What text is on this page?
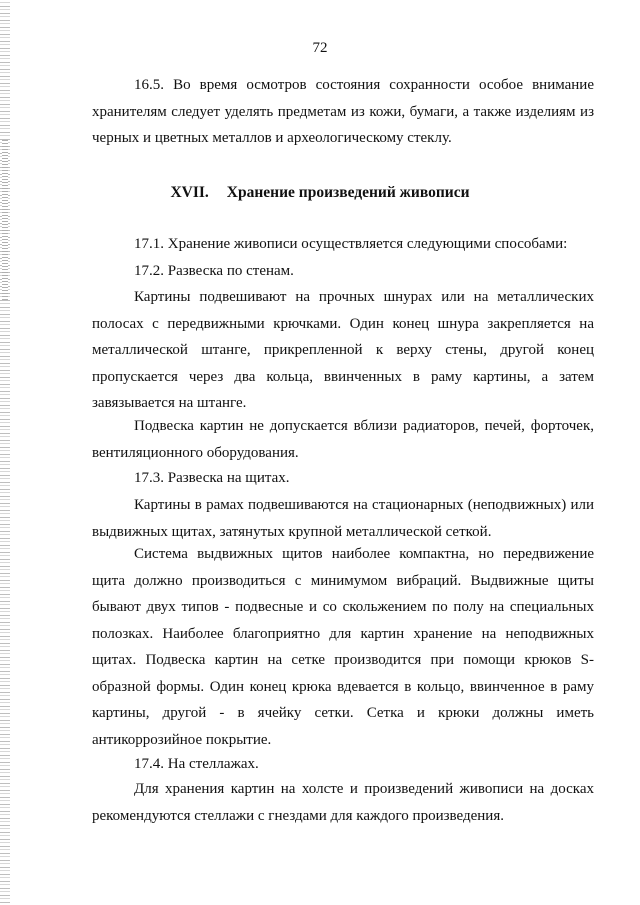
72

16.5. Во время осмотров состояния сохранности особое внимание хранителям следует уделять предметам из кожи, бумаги, а также изделиям из черных и цветных металлов и археологическому стеклу.

XVII. Хранение произведений живописи

17.1. Хранение живописи осуществляется следующими способами:

17.2. Развеска по стенам.

Картины подвешивают на прочных шнурах или на металлических полосах с передвижными крючками. Один конец шнура закрепляется на металлической штанге, прикрепленной к верху стены, другой конец пропускается через два кольца, ввинченных в раму картины, а затем завязывается на штанге.

Подвеска картин не допускается вблизи радиаторов, печей, форточек, вентиляционного оборудования.

17.3. Развеска на щитах.

Картины в рамах подвешиваются на стационарных (неподвижных) или выдвижных щитах, затянутых крупной металлической сеткой.

Система выдвижных щитов наиболее компактна, но передвижение щита должно производиться с минимумом вибраций. Выдвижные щиты бывают двух типов - подвесные и со скольжением по полу на специальных полозках. Наиболее благоприятно для картин хранение на неподвижных щитах. Подвеска картин на сетке производится при помощи крюков S-образной формы. Один конец крюка вдевается в кольцо, ввинченное в раму картины, другой - в ячейку сетки. Сетка и крюки должны иметь антикоррозийное покрытие.

17.4. На стеллажах.

Для хранения картин на холсте и произведений живописи на досках рекомендуются стеллажи с гнездами для каждого произведения.
